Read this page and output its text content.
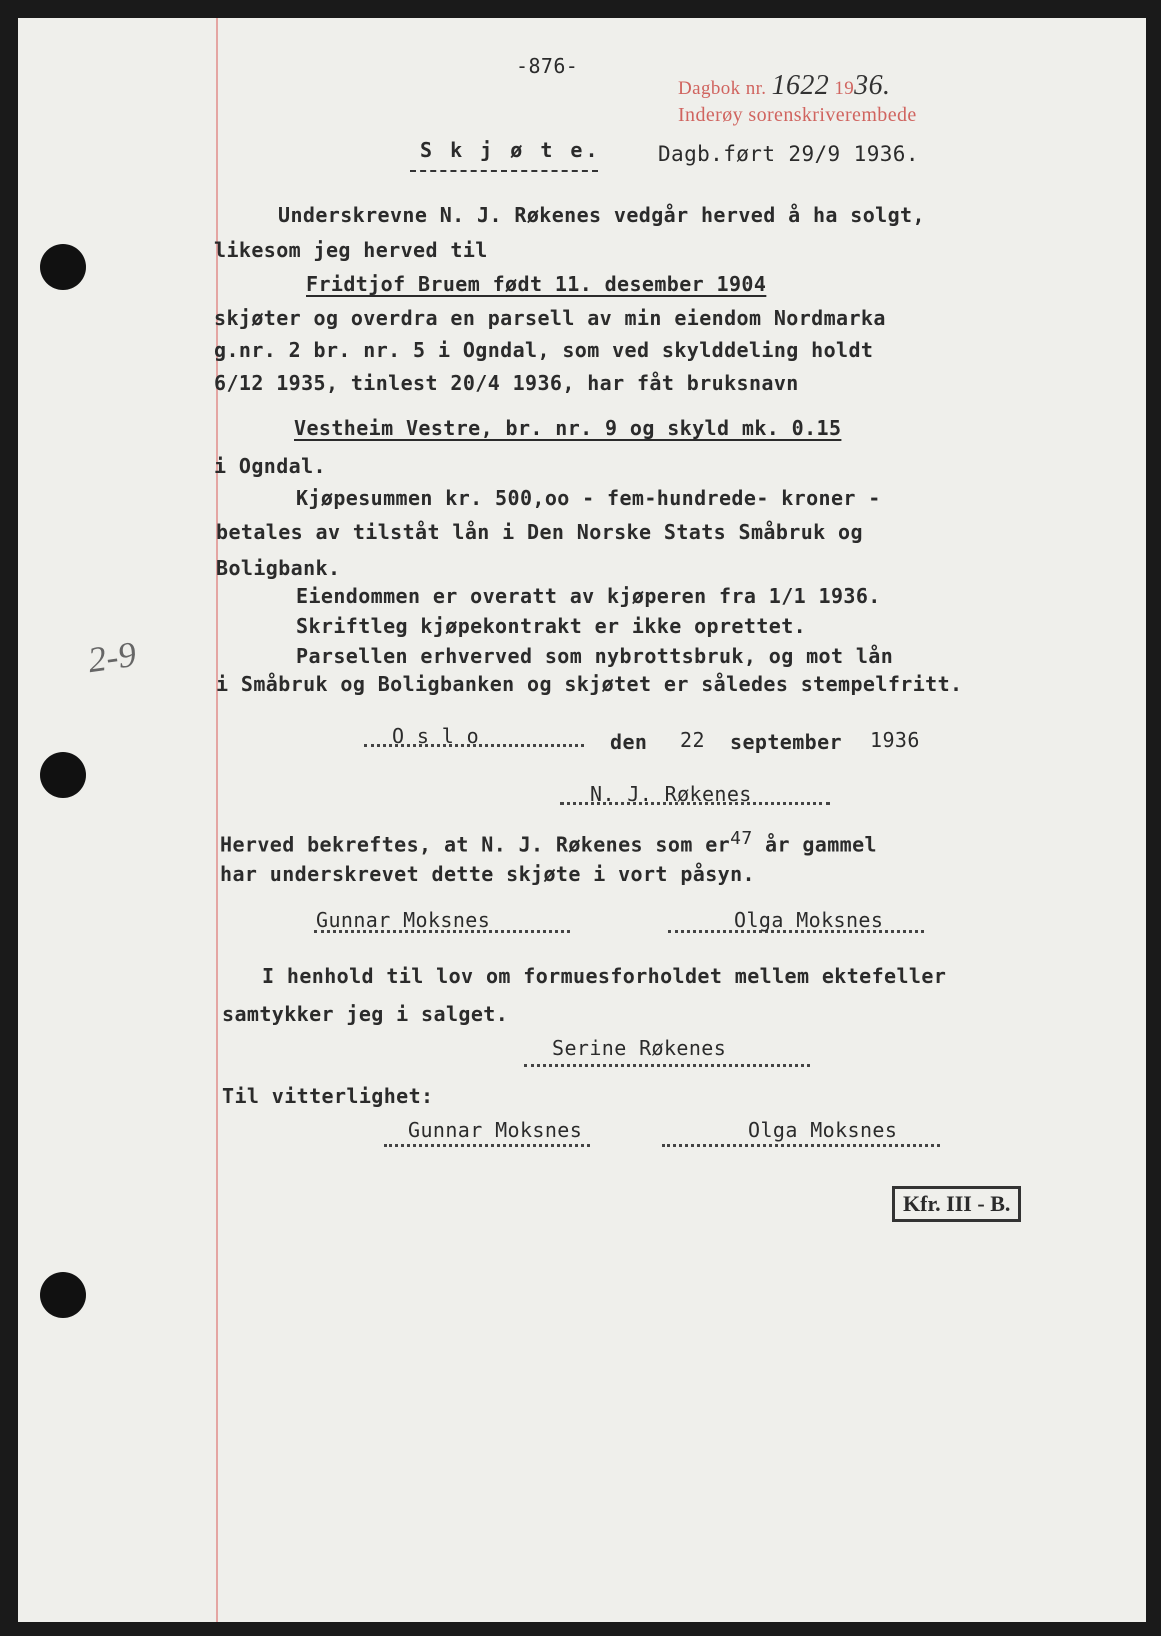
2-9
-876-
Dagbok nr. 1622 1936.
Inderøy sorenskriverembede
S k j ø t e.	Dagb.ført 29/9 1936.
Underskrevne N. J. Røkenes vedgår herved å ha solgt,
likesom jeg herved til
Fridtjof Bruem født 11. desember 1904
skjøter og overdra en parsell av min eiendom Nordmarka
g.nr. 2 br. nr. 5 i Ogndal, som ved skylddeling holdt
6/12 1935, tinlest 20/4 1936, har fåt bruksnavn
Vestheim Vestre, br. nr. 9 og skyld mk. 0.15
i Ogndal.
Kjøpesummen kr. 500,oo - fem-hundrede- kroner -
betales av tilståt lån i Den Norske Stats Småbruk og
Boligbank.
Eiendommen er overatt av kjøperen fra 1/1 1936.
Skriftleg kjøpekontrakt er ikke oprettet.
Parsellen erhverved som nybrottsbruk, og mot lån
i Småbruk og Boligbanken og skjøtet er således stempelfritt.
O s l o	den 22 september 1936
N. J. Røkenes
Herved bekreftes, at N. J. Røkenes som $er^{47}$ år gammel
har underskrevet dette skjøte i vort påsyn.
Gunnar Moksnes	Olga Moksnes
I henhold til lov om formuesforholdet mellem ektefeller
samtykker jeg i salget.
Serine Røkenes
Til vitterlighet:
Gunnar Moksnes	Olga Moksnes
Kfr. III - B.
